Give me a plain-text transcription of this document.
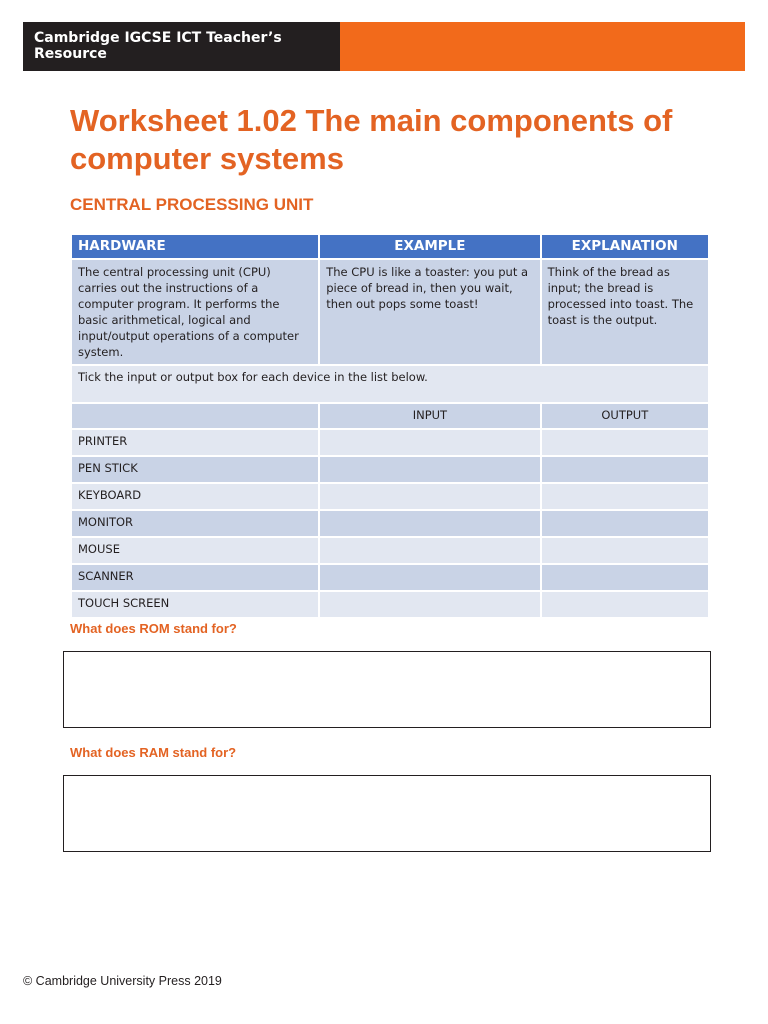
Cambridge IGCSE ICT Teacher’s Resource
Worksheet 1.02 The main components of computer systems
CENTRAL PROCESSING UNIT
HARDWARE	EXAMPLE	EXPLANATION
The central processing unit (CPU) carries out the instructions of a computer program. It performs the basic arithmetical, logical and input/output operations of a computer system.	The CPU is like a toaster: you put a piece of bread in, then you wait, then out pops some toast!	Think of the bread as input; the bread is processed into toast. The toast is the output.
Tick the input or output box for each device in the list below.		
	INPUT	OUTPUT
PRINTER		
PEN STICK		
KEYBOARD		
MONITOR		
MOUSE		
SCANNER		
TOUCH SCREEN		

What does ROM stand for?

What does RAM stand for?

© Cambridge University Press 2019
